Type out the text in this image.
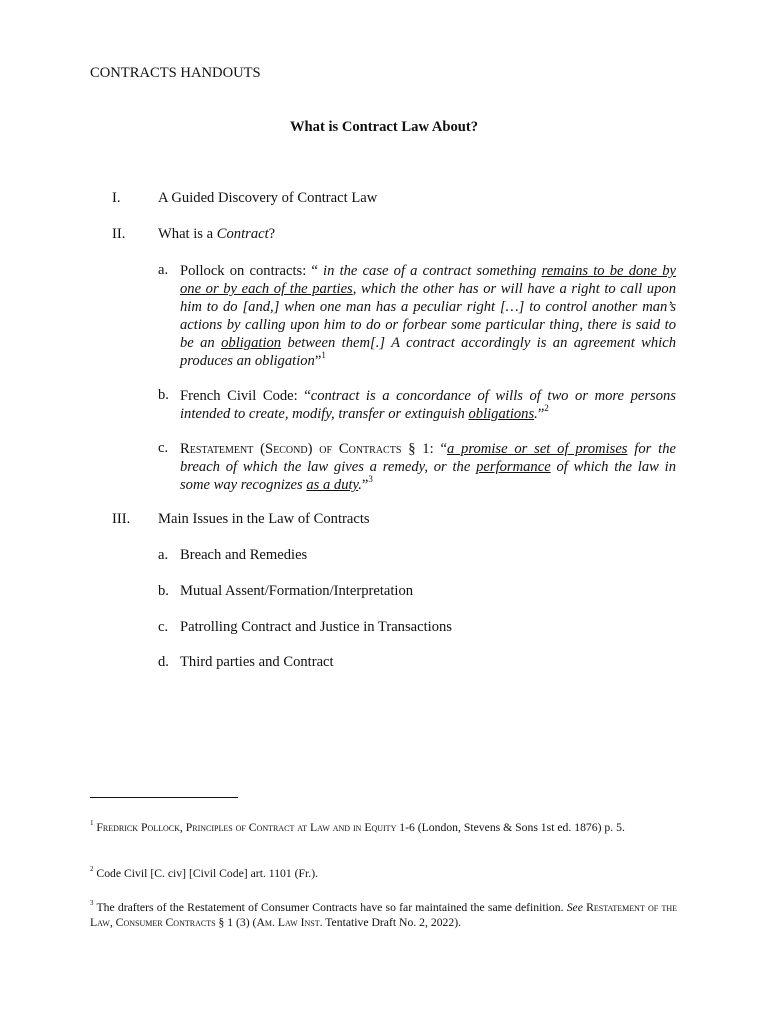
CONTRACTS HANDOUTS
What is Contract Law About?
I.	A Guided Discovery of Contract Law
II. What is a Contract?
a. Pollock on contracts: “ in the case of a contract something remains to be done by one or by each of the parties, which the other has or will have a right to call upon him to do [and,] when one man has a peculiar right […] to control another man’s actions by calling upon him to do or forbear some particular thing, there is said to be an obligation between them[.] A contract accordingly is an agreement which produces an obligation”$^1$
b. French Civil Code: “contract is a concordance of wills of two or more persons intended to create, modify, transfer or extinguish obligations.”$^2$
c. Restatement (Second) of Contracts § 1: “a promise or set of promises for the breach of which the law gives a remedy, or the performance of which the law in some way recognizes as a duty.”$^3$
III. Main Issues in the Law of Contracts
a. Breach and Remedies
b. Mutual Assent/Formation/Interpretation
c. Patrolling Contract and Justice in Transactions
d. Third parties and Contract
$^1$ Fredrick Pollock, Principles of Contract at Law and in Equity 1-6 (London, Stevens & Sons 1st ed. 1876) p. 5.
$^2$ Code Civil [C. civ] [Civil Code] art. 1101 (Fr.).
$^3$ The drafters of the Restatement of Consumer Contracts have so far maintained the same definition. See Restatement of the Law, Consumer Contracts § 1 (3) (Am. Law Inst. Tentative Draft No. 2, 2022).
